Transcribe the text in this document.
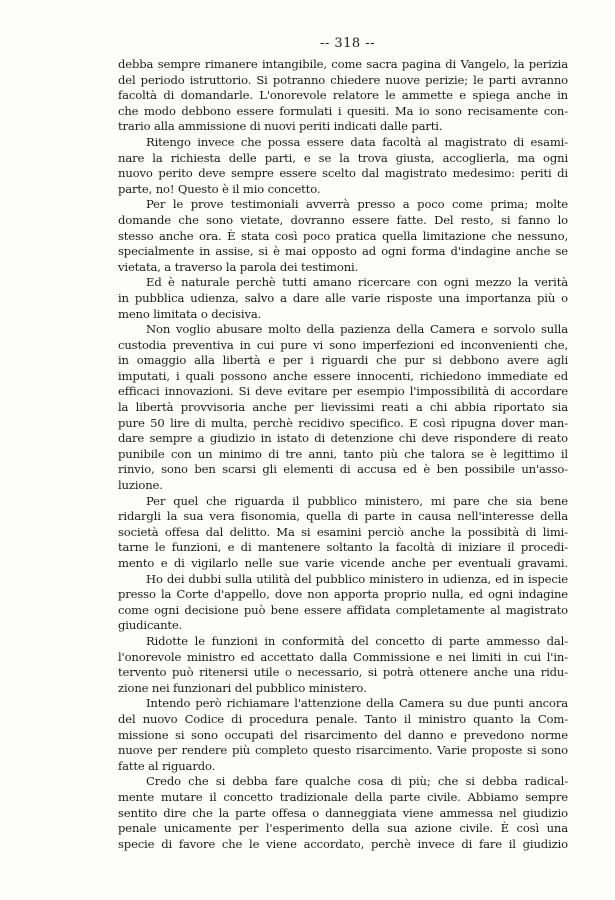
-- 318 --
debba sempre rimanere intangibile, come sacra pagina di Vangelo, la perizia
del periodo istruttorio. Si potranno chiedere nuove perizie; le parti avranno
facoltà di domandarle. L'onorevole relatore le ammette e spiega anche in
che modo debbono essere formulati i quesiti. Ma io sono recisamente con-
trario alla ammissione di nuovi periti indicati dalle parti.
Ritengo invece che possa essere data facoltà al magistrato di esami-
nare la richiesta delle parti, e se la trova giusta, accoglierla, ma ogni
nuovo perito deve sempre essere scelto dal magistrato medesimo: periti di
parte, no! Questo è il mio concetto.
Per le prove testimoniali avverrà presso a poco come prima; molte
domande che sono vietate, dovranno essere fatte. Del resto, si fanno lo
stesso anche ora. È stata così poco pratica quella limitazione che nessuno,
specialmente in assise, si è mai opposto ad ogni forma d'indagine anche se
vietata, a traverso la parola dei testimoni.
Ed è naturale perchè tutti amano ricercare con ogni mezzo la verità
in pubblica udienza, salvo a dare alle varie risposte una importanza più o
meno limitata o decisiva.
Non voglio abusare molto della pazienza della Camera e sorvolo sulla
custodia preventiva in cui pure vi sono imperfezioni ed inconvenienti che,
in omaggio alla libertà e per i riguardi che pur si debbono avere agli
imputati, i quali possono anche essere innocenti, richiedono immediate ed
efficaci innovazioni. Si deve evitare per esempio l'impossibilità di accordare
la libertà provvisoria anche per lievissimi reati a chi abbia riportato sia
pure 50 lire di multa, perchè recidivo specifico. E così ripugna dover man-
dare sempre a giudizio in istato di detenzione chi deve rispondere di reato
punibile con un minimo di tre anni, tanto più che talora se è legittimo il
rinvio, sono ben scarsi gli elementi di accusa ed è ben possibile un'asso-
luzione.
Per quel che riguarda il pubblico ministero, mi pare che sia bene
ridargli la sua vera fisonomia, quella di parte in causa nell'interesse della
società offesa dal delitto. Ma si esamini perciò anche la possibità di limi-
tarne le funzioni, e di mantenere soltanto la facoltà di iniziare il procedi-
mento e di vigilarlo nelle sue varie vicende anche per eventuali gravami.
Ho dei dubbi sulla utilità del pubblico ministero in udienza, ed in ispecie
presso la Corte d'appello, dove non apporta proprio nulla, ed ogni indagine
come ogni decisione può bene essere affidata completamente al magistrato
giudicante.
Ridotte le funzioni in conformità del concetto di parte ammesso dal-
l'onorevole ministro ed accettato dalla Commissione e nei limiti in cui l'in-
tervento può ritenersi utile o necessario, si potrà ottenere anche una ridu-
zione nei funzionari del pubblico ministero.
Intendo però richiamare l'attenzione della Camera su due punti ancora
del nuovo Codice di procedura penale. Tanto il ministro quanto la Com-
missione si sono occupati del risarcimento del danno e prevedono norme
nuove per rendere più completo questo risarcimento. Varie proposte si sono
fatte al riguardo.
Credo che si debba fare qualche cosa di più; che si debba radical-
mente mutare il concetto tradizionale della parte civile. Abbiamo sempre
sentito dire che la parte offesa o danneggiata viene ammessa nel giudizio
penale unicamente per l'esperimento della sua azione civile. È così una
specie di favore che le viene accordato, perchè invece di fare il giudizio
